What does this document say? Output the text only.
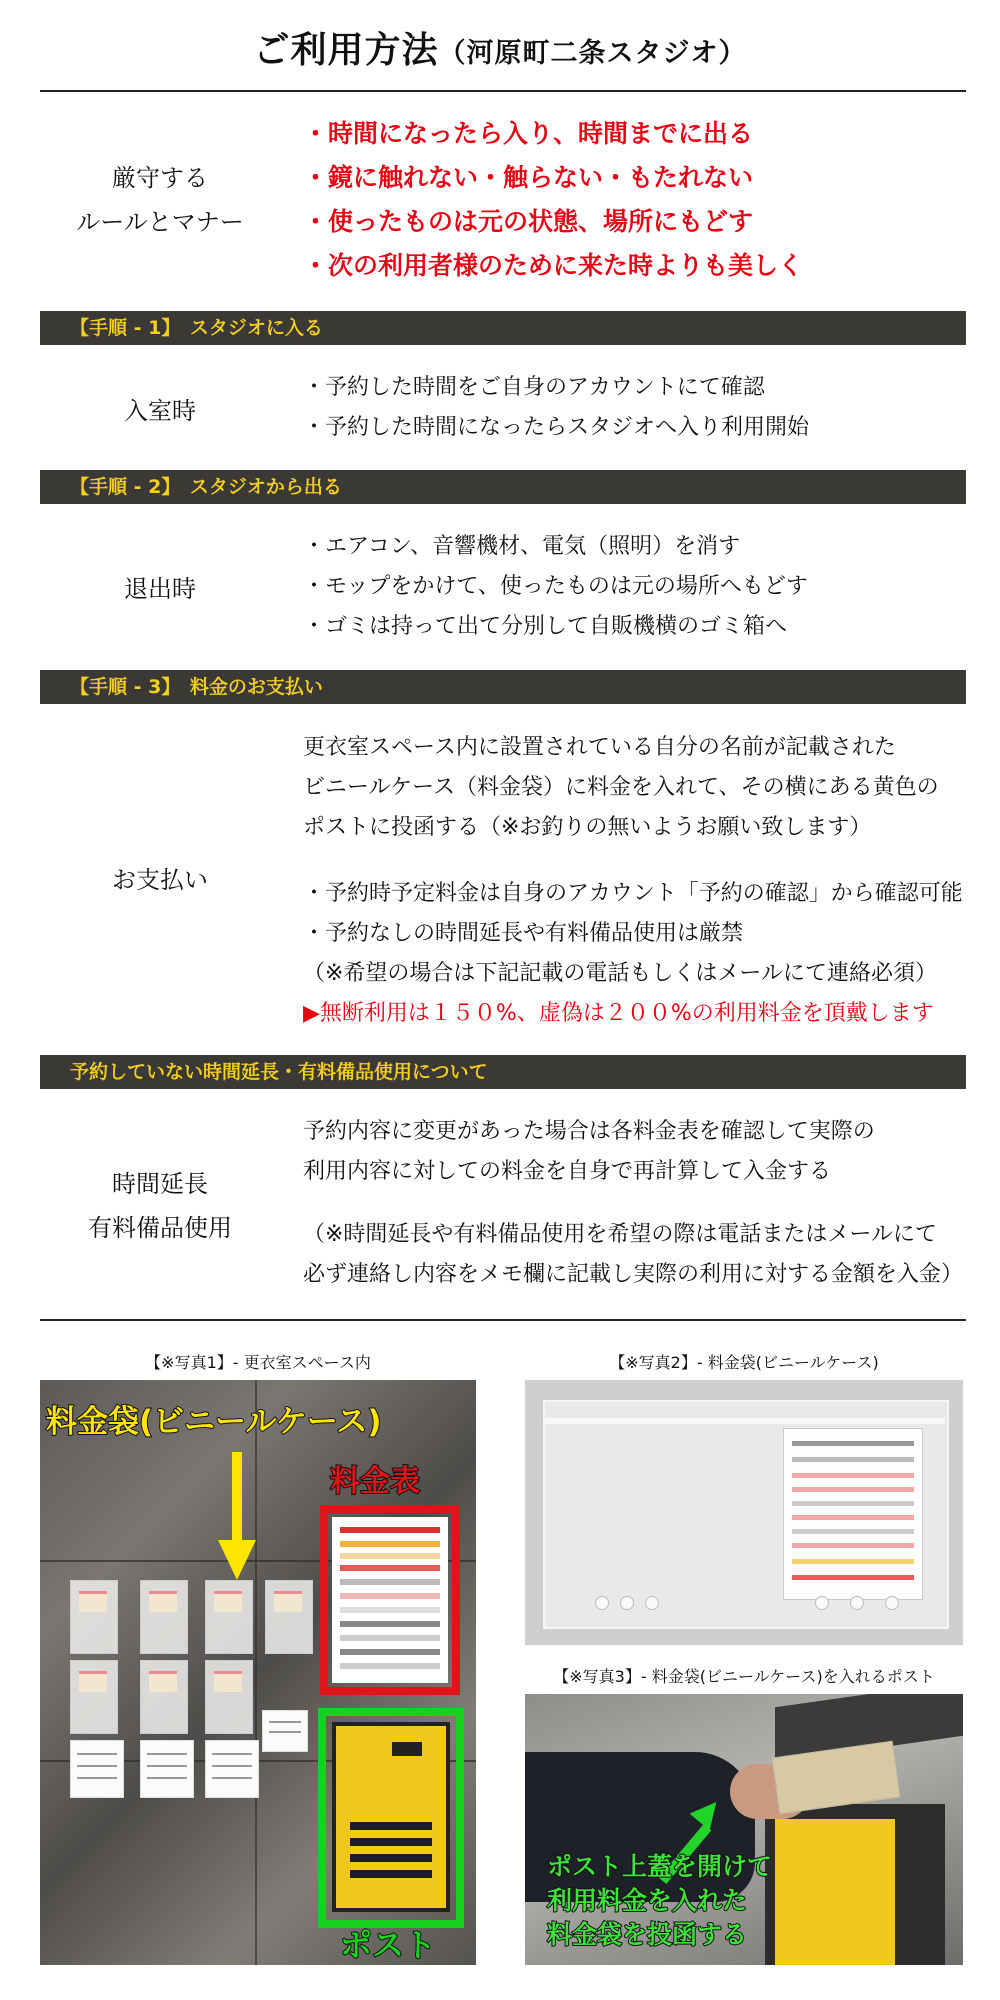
ご利用方法（河原町二条スタジオ）
厳守する
ルールとマナー
・時間になったら入り、時間までに出る
・鏡に触れない・触らない・もたれない
・使ったものは元の状態、場所にもどす
・次の利用者様のために来た時よりも美しく
【手順 - 1】　スタジオに入る
入室時
・予約した時間をご自身のアカウントにて確認
・予約した時間になったらスタジオへ入り利用開始
【手順 - 2】　スタジオから出る
退出時
・エアコン、音響機材、電気（照明）を消す
・モップをかけて、使ったものは元の場所へもどす
・ゴミは持って出て分別して自販機横のゴミ箱へ
【手順 - 3】　料金のお支払い
お支払い
更衣室スペース内に設置されている自分の名前が記載された
ビニールケース（料金袋）に料金を入れて、その横にある黄色の
ポストに投函する（※お釣りの無いようお願い致します）
・予約時予定料金は自身のアカウント「予約の確認」から確認可能
・予約なしの時間延長や有料備品使用は厳禁
（※希望の場合は下記記載の電話もしくはメールにて連絡必須）
▶無断利用は１５０%、虚偽は２００%の利用料金を頂戴します
予約していない時間延長・有料備品使用について
時間延長
有料備品使用
予約内容に変更があった場合は各料金表を確認して実際の
利用内容に対しての料金を自身で再計算して入金する
（※時間延長や有料備品使用を希望の際は電話またはメールにて
必ず連絡し内容をメモ欄に記載し実際の利用に対する金額を入金）
【※写真1】- 更衣室スペース内	【※写真2】- 料金袋(ビニールケース)
【※写真3】- 料金袋(ビニールケース)を入れるポスト
料金袋(ビニールケース)
料金表
ポスト
ポスト上蓋を開けて
利用料金を入れた
料金袋を投函する
